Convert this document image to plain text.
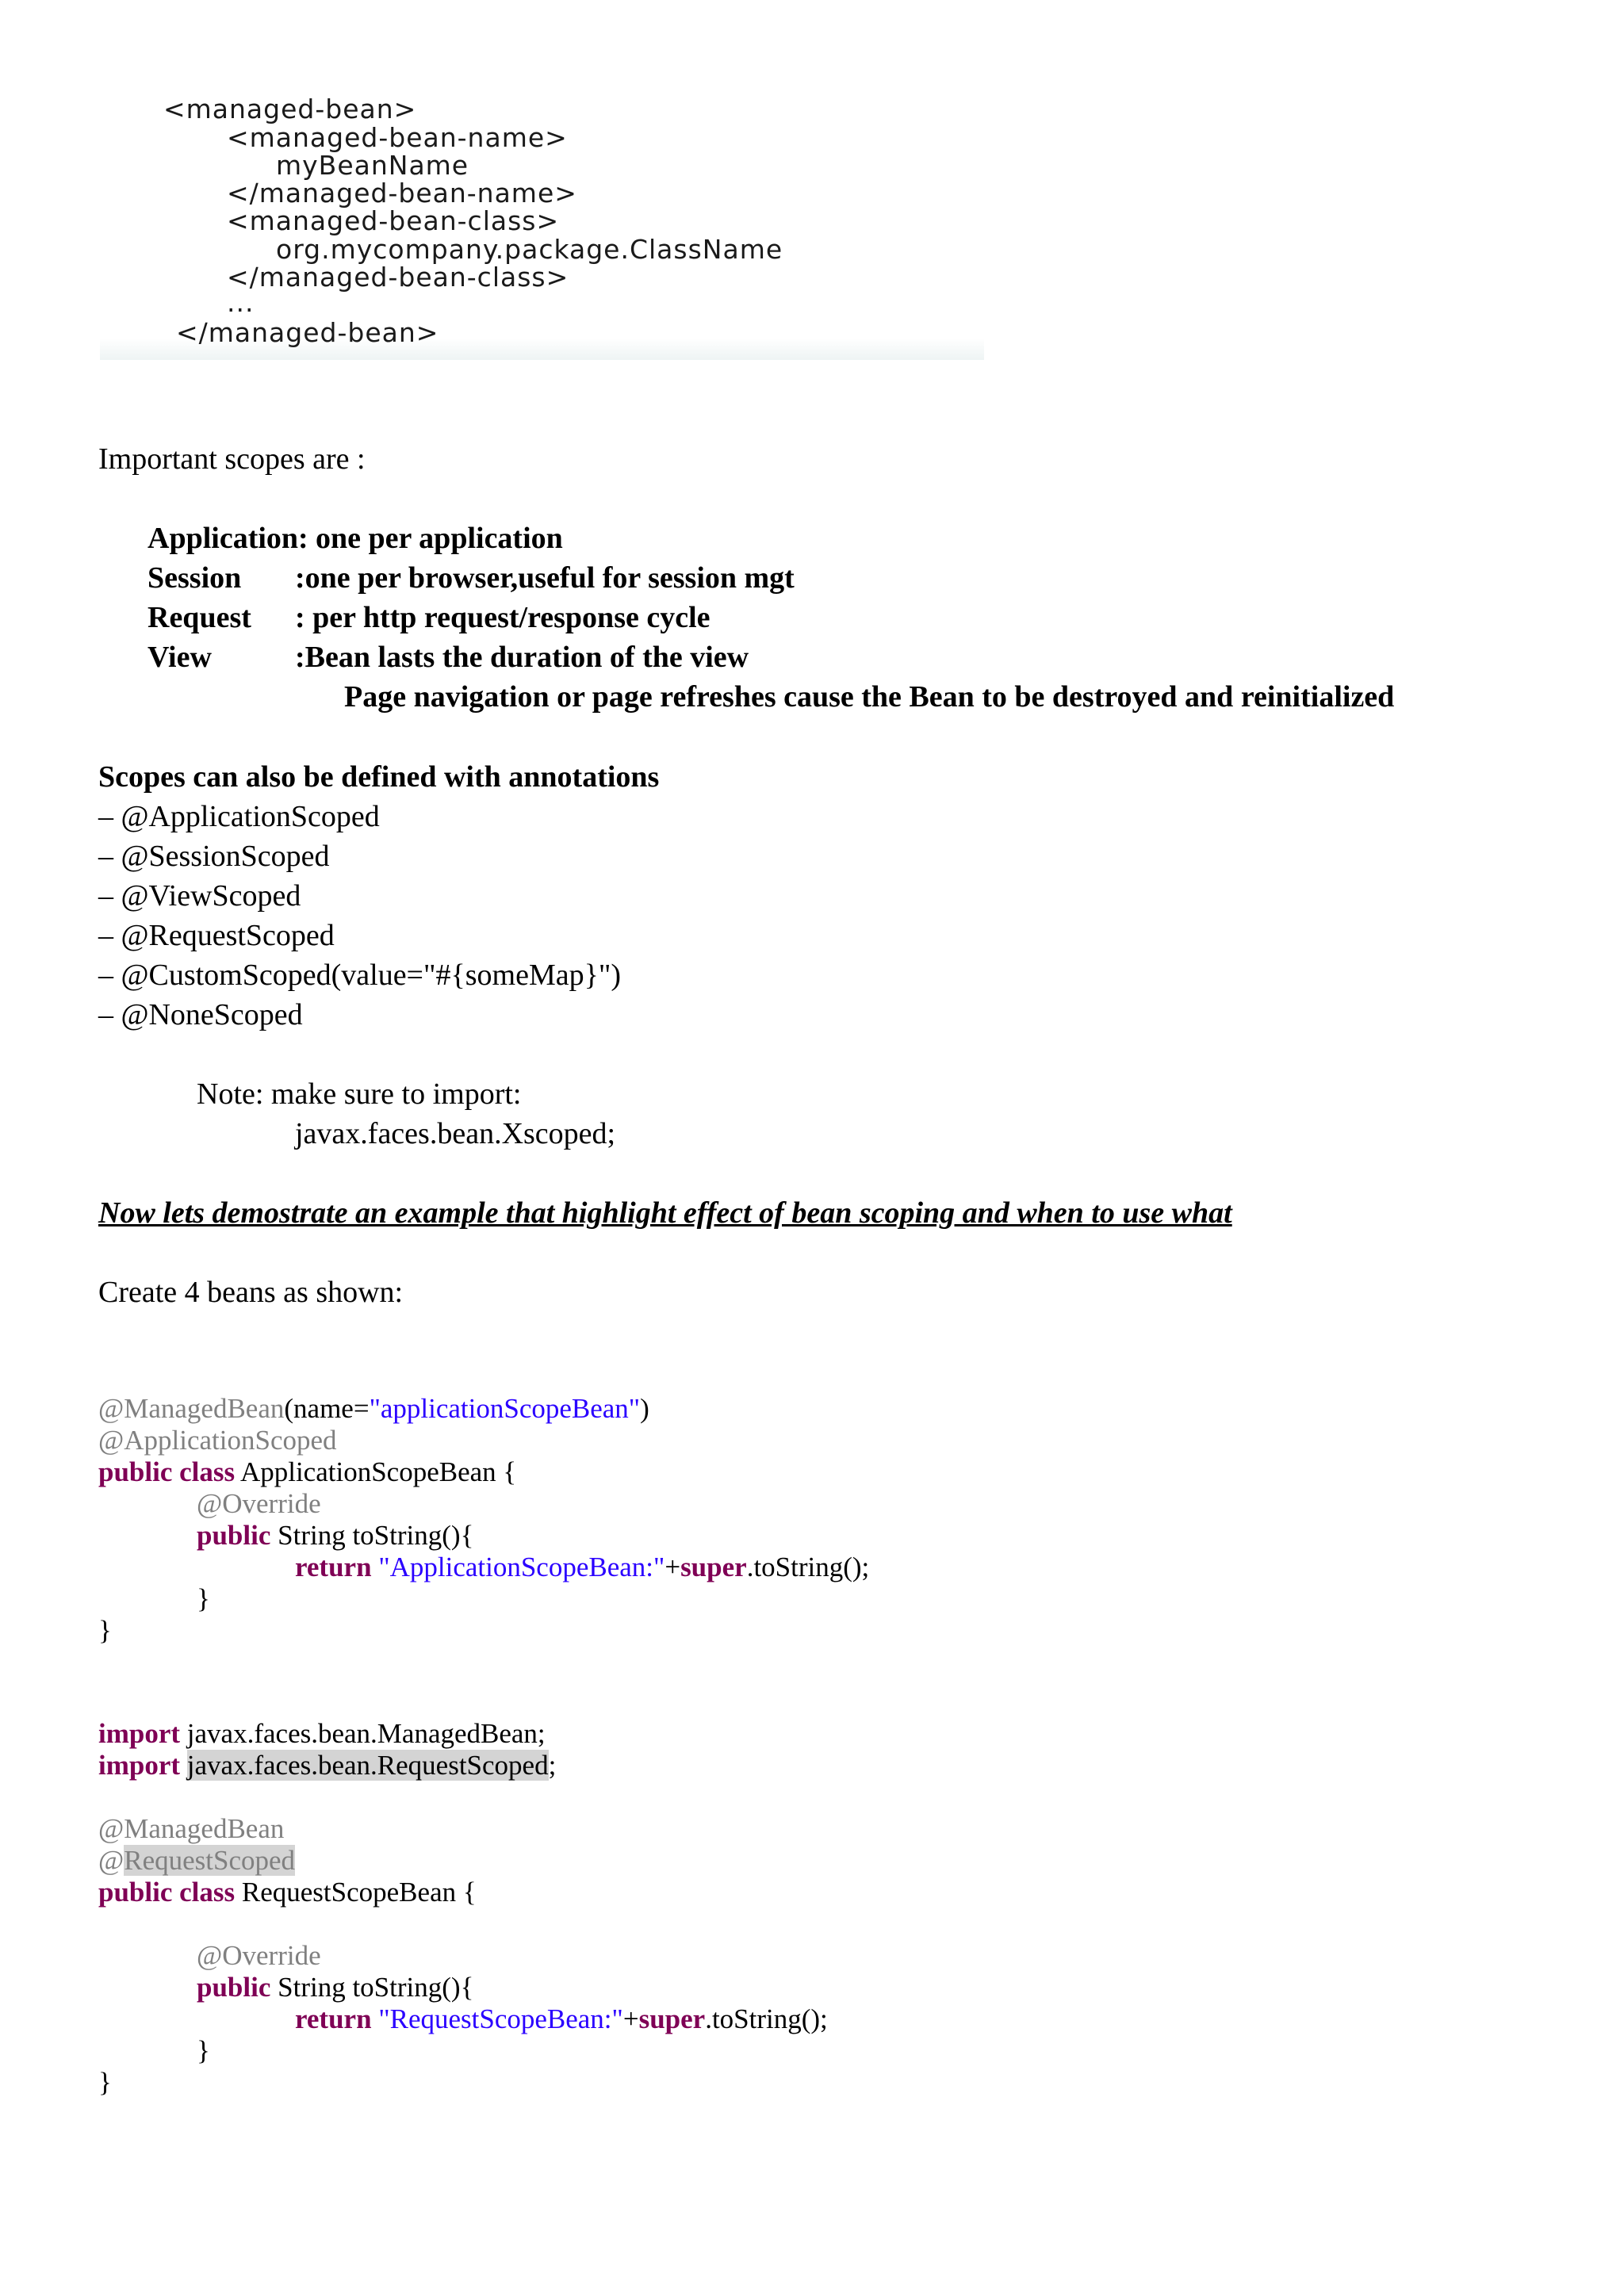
<managed-bean>
<managed-bean-name>
myBeanName
</managed-bean-name>
<managed-bean-class>
org.mycompany.package.ClassName
</managed-bean-class>
...
</managed-bean>
Important scopes are :
Application: one per application
Session :one per browser,useful for session mgt
Request : per http request/response cycle
View	:Bean lasts the duration of the view
Page navigation or page refreshes cause the Bean to be destroyed and reinitialized
Scopes can also be defined with annotations
– @ApplicationScoped
– @SessionScoped
– @ViewScoped
– @RequestScoped
– @CustomScoped(value="#{someMap}")
– @NoneScoped
Note: make sure to import:
javax.faces.bean.Xscoped;
Now lets demostrate an example that highlight effect of bean scoping and when to use what
Create 4 beans as shown:
@ManagedBean(name="applicationScopeBean")
@ApplicationScoped
public class ApplicationScopeBean {
@Override
public String toString(){
return "ApplicationScopeBean:"+super.toString();
}
}
import javax.faces.bean.ManagedBean;
import javax.faces.bean.RequestScoped;
@ManagedBean
@RequestScoped
public class RequestScopeBean {
@Override
public String toString(){
return "RequestScopeBean:"+super.toString();
}
}
